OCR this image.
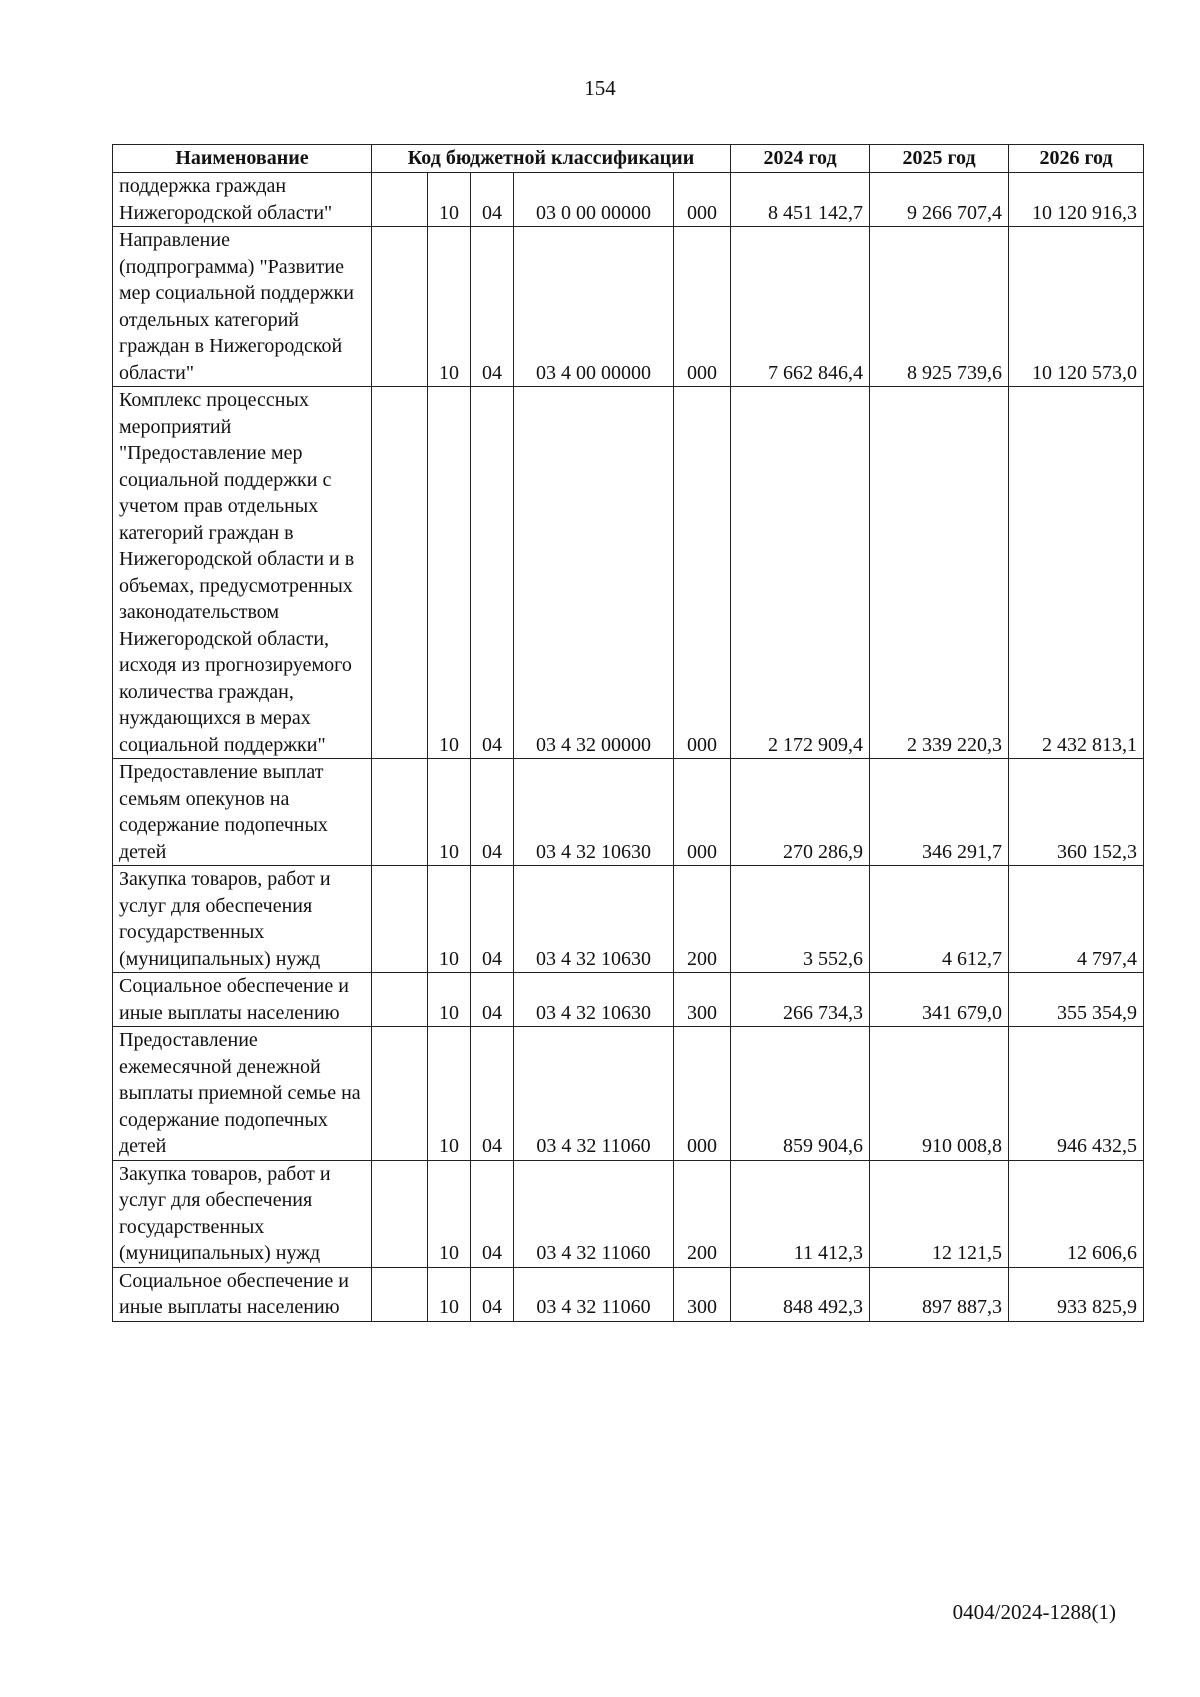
154
Наименование	Код бюджетной классификации					2024 год	2025 год	2026 год
поддержка граждан Нижегородской области"		10	04	03 0 00 00000	000	8 451 142,7	9 266 707,4	10 120 916,3
Направление (подпрограмма) "Развитие мер социальной поддержки отдельных категорий граждан в Нижегородской области"		10	04	03 4 00 00000	000	7 662 846,4	8 925 739,6	10 120 573,0
Комплекс процессных мероприятий "Предоставление мер социальной поддержки с учетом прав отдельных категорий граждан в Нижегородской области и в объемах, предусмотренных законодательством Нижегородской области, исходя из прогнозируемого количества граждан, нуждающихся в мерах социальной поддержки"		10	04	03 4 32 00000	000	2 172 909,4	2 339 220,3	2 432 813,1
Предоставление выплат семьям опекунов на содержание подопечных детей		10	04	03 4 32 10630	000	270 286,9	346 291,7	360 152,3
Закупка товаров, работ и услуг для обеспечения государственных (муниципальных) нужд		10	04	03 4 32 10630	200	3 552,6	4 612,7	4 797,4
Социальное обеспечение и иные выплаты населению		10	04	03 4 32 10630	300	266 734,3	341 679,0	355 354,9
Предоставление ежемесячной денежной выплаты приемной семье на содержание подопечных детей		10	04	03 4 32 11060	000	859 904,6	910 008,8	946 432,5
Закупка товаров, работ и услуг для обеспечения государственных (муниципальных) нужд		10	04	03 4 32 11060	200	11 412,3	12 121,5	12 606,6
Социальное обеспечение и иные выплаты населению		10	04	03 4 32 11060	300	848 492,3	897 887,3	933 825,9
0404/2024-1288(1)
